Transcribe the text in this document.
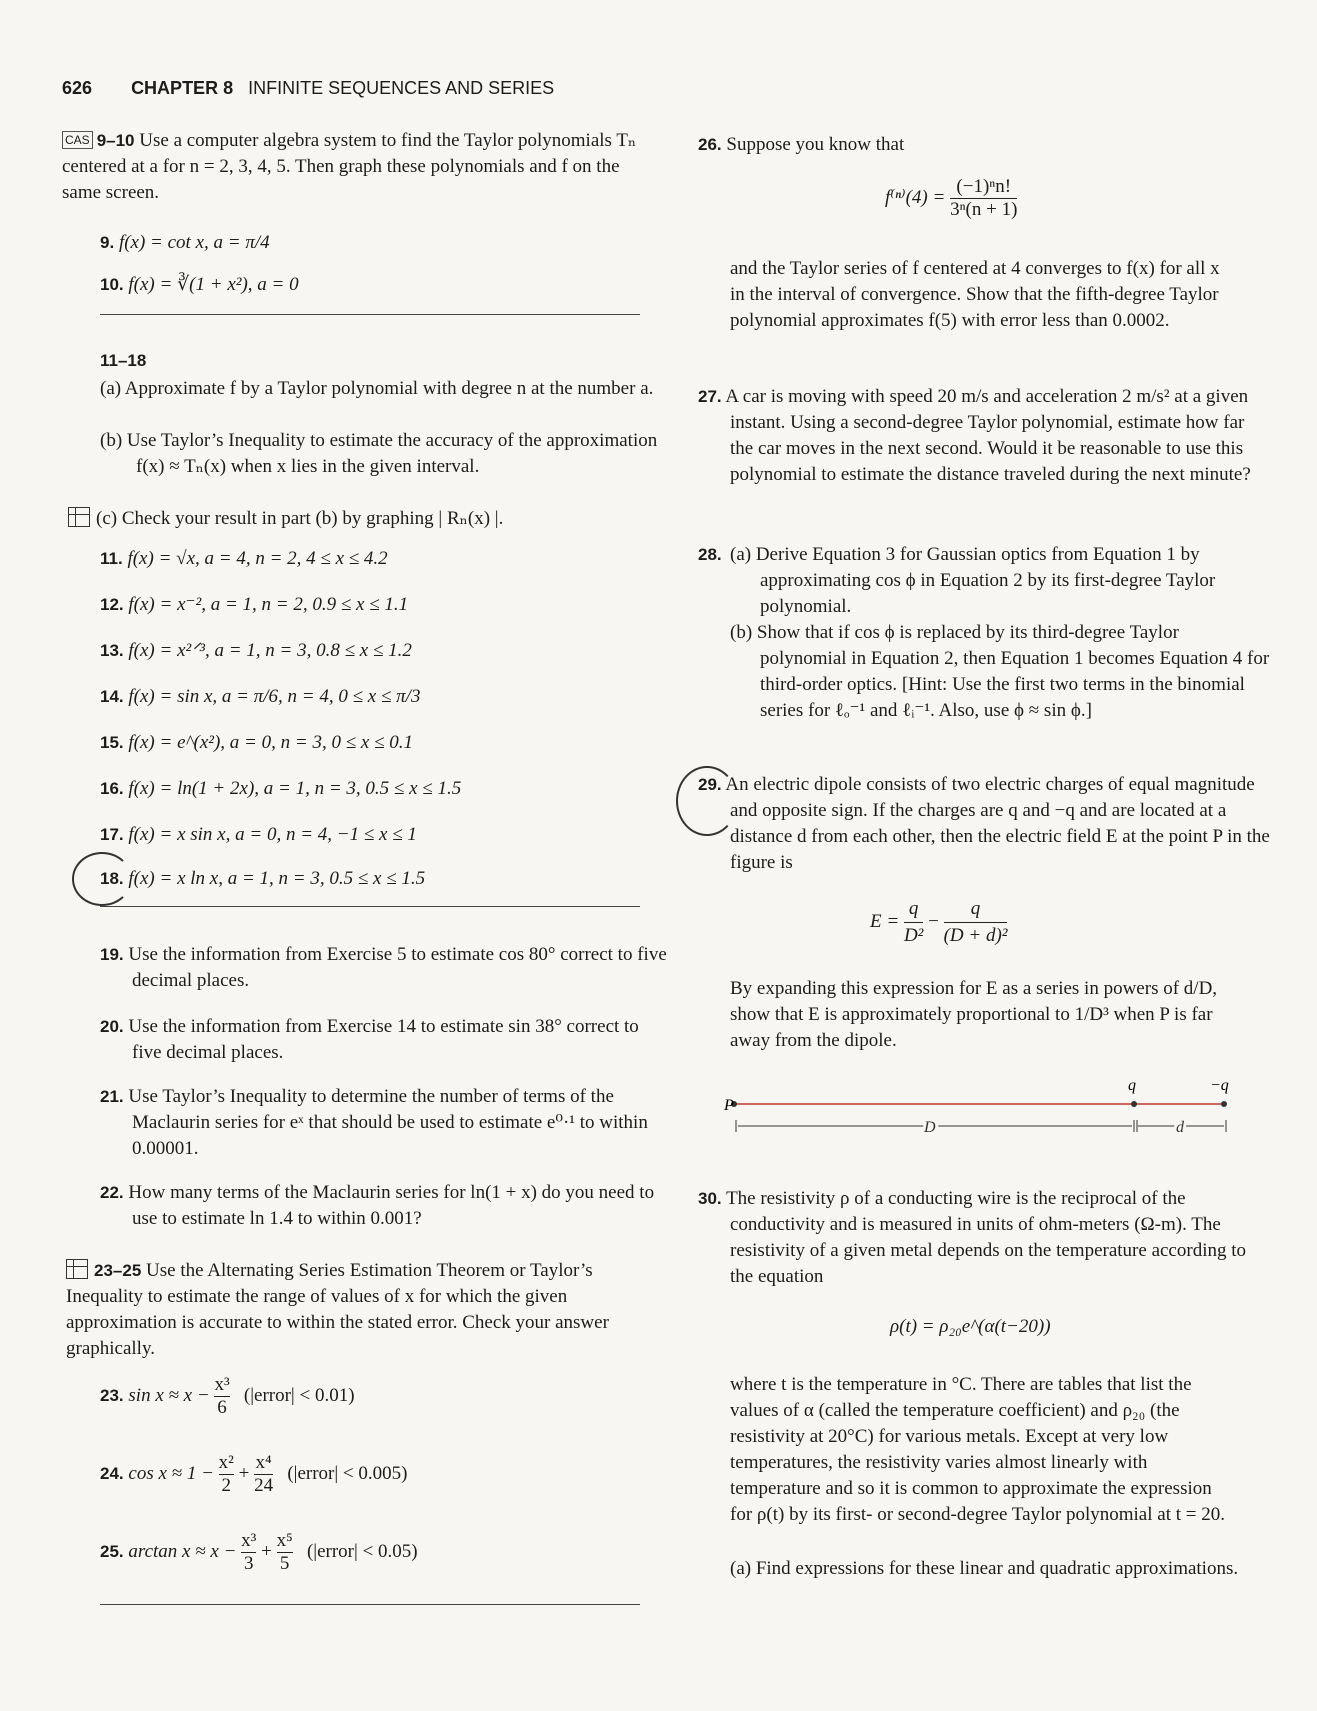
626 CHAPTER 8 INFINITE SEQUENCES AND SERIES
CAS 9–10 Use a computer algebra system to find the Taylor polynomials Tₙ centered at a for n = 2, 3, 4, 5. Then graph these polynomials and f on the same screen.
9. f(x) = cot x, a = π/4
10. f(x) = ∛(1 + x²), a = 0
11–18
(a) Approximate f by a Taylor polynomial with degree n at the number a.
(b) Use Taylor’s Inequality to estimate the accuracy of the approximation f(x) ≈ Tₙ(x) when x lies in the given interval.
(c) Check your result in part (b) by graphing | Rₙ(x) |.
11. f(x) = √x, a = 4, n = 2, 4 ≤ x ≤ 4.2
12. f(x) = x⁻², a = 1, n = 2, 0.9 ≤ x ≤ 1.1
13. f(x) = x²ᐟ³, a = 1, n = 3, 0.8 ≤ x ≤ 1.2
14. f(x) = sin x, a = π/6, n = 4, 0 ≤ x ≤ π/3
15. f(x) = e^(x²), a = 0, n = 3, 0 ≤ x ≤ 0.1
16. f(x) = ln(1 + 2x), a = 1, n = 3, 0.5 ≤ x ≤ 1.5
17. f(x) = x sin x, a = 0, n = 4, −1 ≤ x ≤ 1
18. f(x) = x ln x, a = 1, n = 3, 0.5 ≤ x ≤ 1.5
19. Use the information from Exercise 5 to estimate cos 80° correct to five decimal places.
20. Use the information from Exercise 14 to estimate sin 38° correct to five decimal places.
21. Use Taylor’s Inequality to determine the number of terms of the Maclaurin series for eˣ that should be used to estimate e⁰·¹ to within 0.00001.
22. How many terms of the Maclaurin series for ln(1 + x) do you need to use to estimate ln 1.4 to within 0.001?
23–25 Use the Alternating Series Estimation Theorem or Taylor’s Inequality to estimate the range of values of x for which the given approximation is accurate to within the stated error. Check your answer graphically.
23. $\sin x \approx x - \frac{\text{x³}}{6}$ (|error| < 0.01)
24. $\cos x \approx 1 - \frac{\text{x²}}{2} + \frac{\text{x⁴}}{24}$ (|error| < 0.005)
25. $\arctan x \approx x - \frac{\text{x³}}{3} + \frac{\text{x⁵}}{5}$ (|error| < 0.05)
26. Suppose you know that
$f^{(n)}(4) = \frac{\text{(−1)ⁿn!}}{\text{3ⁿ(n + 1)}}$
and the Taylor series of f centered at 4 converges to f(x) for all x in the interval of convergence. Show that the fifth-degree Taylor polynomial approximates f(5) with error less than 0.0002.
27. A car is moving with speed 20 m/s and acceleration 2 m/s² at a given instant. Using a second-degree Taylor polynomial, estimate how far the car moves in the next second. Would it be reasonable to use this polynomial to estimate the distance traveled during the next minute?
28. (a) Derive Equation 3 for Gaussian optics from Equation 1 by approximating cos ϕ in Equation 2 by its first-degree Taylor polynomial.
(b) Show that if cos ϕ is replaced by its third-degree Taylor polynomial in Equation 2, then Equation 1 becomes Equation 4 for third-order optics. [Hint: Use the first two terms in the binomial series for ℓₒ⁻¹ and ℓᵢ⁻¹. Also, use ϕ ≈ sin ϕ.]
29. An electric dipole consists of two electric charges of equal magnitude and opposite sign. If the charges are q and −q and are located at a distance d from each other, then the electric field E at the point P in the figure is
$E = \frac{q}{\text{D²}} - \frac{q}{\text{(D + d)²}}$
By expanding this expression for E as a series in powers of d/D, show that E is approximately proportional to 1/D³ when P is far away from the dipole.
P
q	−q
D	d
30. The resistivity ρ of a conducting wire is the reciprocal of the conductivity and is measured in units of ohm-meters (Ω-m). The resistivity of a given metal depends on the temperature according to the equation
ρ(t) = ρ₂₀e^(α(t−20))
where t is the temperature in °C. There are tables that list the values of α (called the temperature coefficient) and ρ₂₀ (the resistivity at 20°C) for various metals. Except at very low temperatures, the resistivity varies almost linearly with temperature and so it is common to approximate the expression for ρ(t) by its first- or second-degree Taylor polynomial at t = 20.
(a) Find expressions for these linear and quadratic approximations.
